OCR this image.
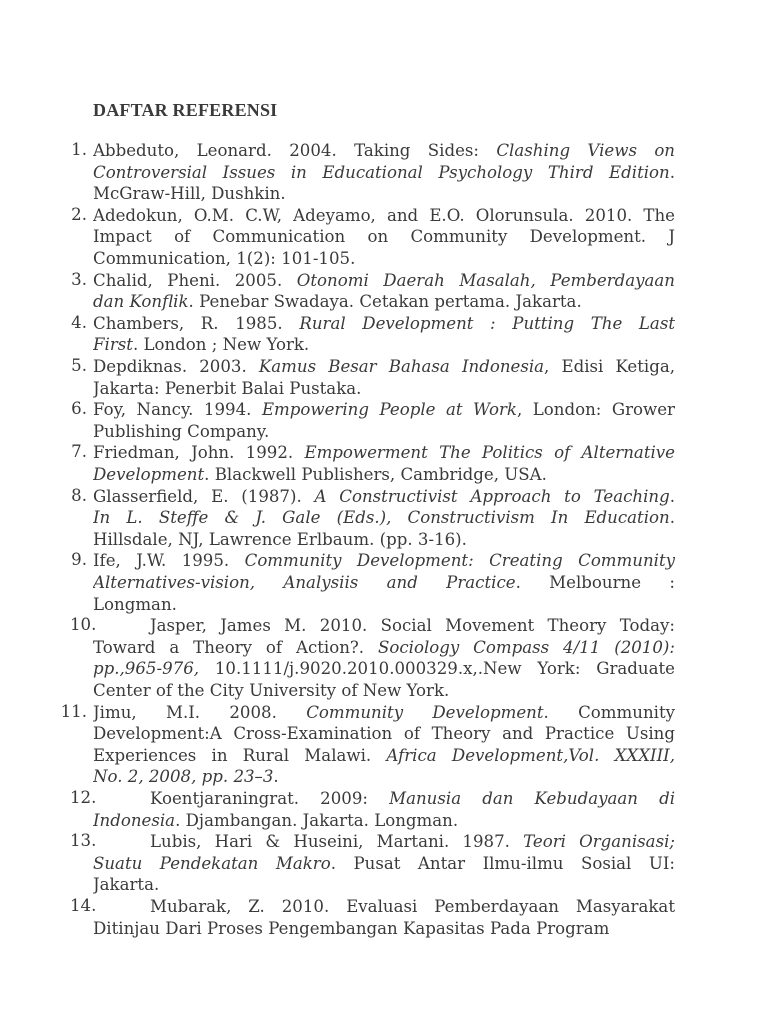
DAFTAR REFERENSI
1. Abbeduto, Leonard. 2004. Taking Sides: Clashing Views on
Controversial Issues in Educational Psychology Third Edition.
McGraw-Hill, Dushkin.
2. Adedokun, O.M. C.W, Adeyamo, and E.O. Olorunsula. 2010. The
Impact of Communication on Community Development. J
Communication, 1(2): 101-105.
3. Chalid, Pheni. 2005. Otonomi Daerah Masalah, Pemberdayaan
dan Konflik. Penebar Swadaya. Cetakan pertama. Jakarta.
4. Chambers, R. 1985. Rural Development : Putting The Last
First. London ; New York.
5. Depdiknas. 2003. Kamus Besar Bahasa Indonesia, Edisi Ketiga,
Jakarta: Penerbit Balai Pustaka.
6. Foy, Nancy. 1994. Empowering People at Work, London: Grower
Publishing Company.
7. Friedman, John. 1992. Empowerment The Politics of Alternative
Development. Blackwell Publishers, Cambridge, USA.
8. Glasserfield, E. (1987). A Constructivist Approach to Teaching.
In L. Steffe & J. Gale (Eds.), Constructivism In Education.
Hillsdale, NJ, Lawrence Erlbaum. (pp. 3-16).
9. Ife, J.W. 1995. Community Development: Creating Community
Alternatives-vision, Analysiis and Practice. Melbourne :
Longman.
10.	Jasper, James M. 2010. Social Movement Theory Today:
Toward a Theory of Action?. Sociology Compass 4/11 (2010):
pp.,965-976, 10.1111/j.9020.2010.000329.x,.New York: Graduate
Center of the City University of New York.
11. Jimu, M.I. 2008. Community Development. Community
Development:A Cross-Examination of Theory and Practice Using
Experiences in Rural Malawi. Africa Development,Vol. XXXIII,
No. 2, 2008, pp. 23–3.
12.	Koentjaraningrat. 2009: Manusia dan Kebudayaan di
Indonesia. Djambangan. Jakarta. Longman.
13.	Lubis, Hari & Huseini, Martani. 1987. Teori Organisasi;
Suatu Pendekatan Makro. Pusat Antar Ilmu-ilmu Sosial UI:
Jakarta.
14.	Mubarak, Z. 2010. Evaluasi Pemberdayaan Masyarakat
Ditinjau Dari Proses Pengembangan Kapasitas Pada Program
